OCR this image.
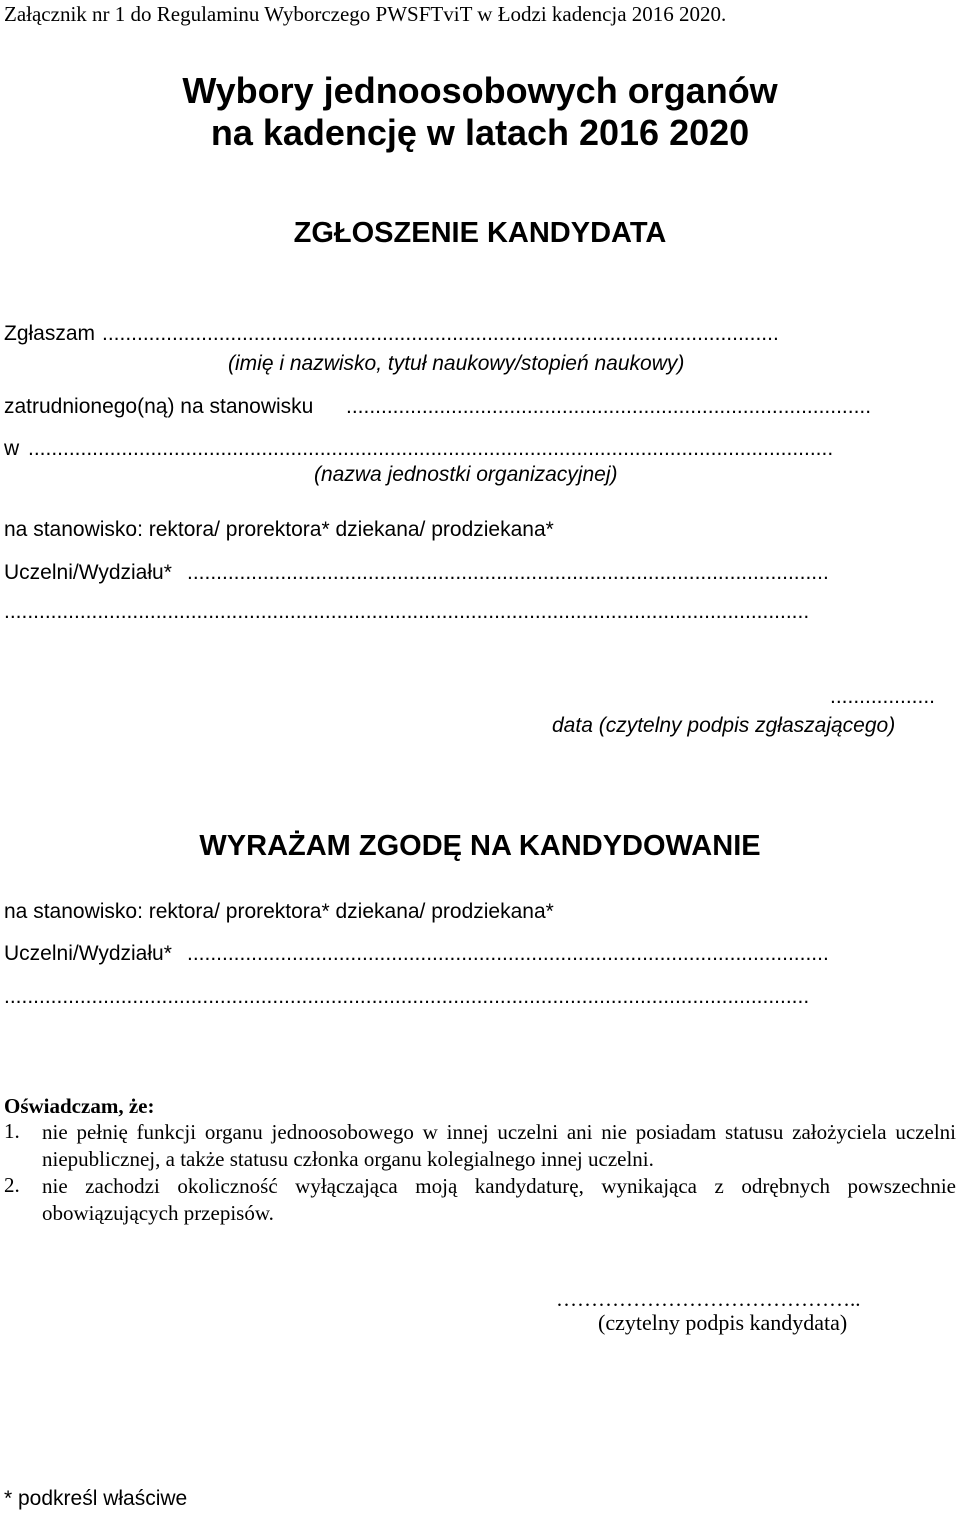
Załącznik nr 1 do Regulaminu Wyborczego PWSFTviT w Łodzi kadencja 2016 2020.

Wybory jednoosobowych organów

na kadencję w latach 2016 2020

ZGŁOSZENIE KANDYDATA

Zgłaszam ....................................................................................................................

(imię i nazwisko, tytuł naukowy/stopień naukowy)

zatrudnionego(ną) na stanowisku ..........................................................................................

w ..........................................................................................................................................

(nazwa jednostki organizacyjnej)

na stanowisko: rektora/ prorektora* dziekana/ prodziekana*

Uczelni/Wydziału* ..............................................................................................................

..........................................................................................................................................

..................

data (czytelny podpis zgłaszającego)

WYRAŻAM ZGODĘ NA KANDYDOWANIE

na stanowisko: rektora/ prorektora* dziekana/ prodziekana*

Uczelni/Wydziału* ..............................................................................................................

..........................................................................................................................................

Oświadczam, że:

1. nie pełnię funkcji organu jednoosobowego w innej uczelni ani nie posiadam statusu założyciela uczelni niepublicznej, a także statusu członka organu kolegialnego innej uczelni.
2. nie zachodzi okoliczność wyłączająca moją kandydaturę, wynikająca z odrębnych powszechnie obowiązujących przepisów.

……………………………………..

(czytelny podpis kandydata)

* podkreśl właściwe
